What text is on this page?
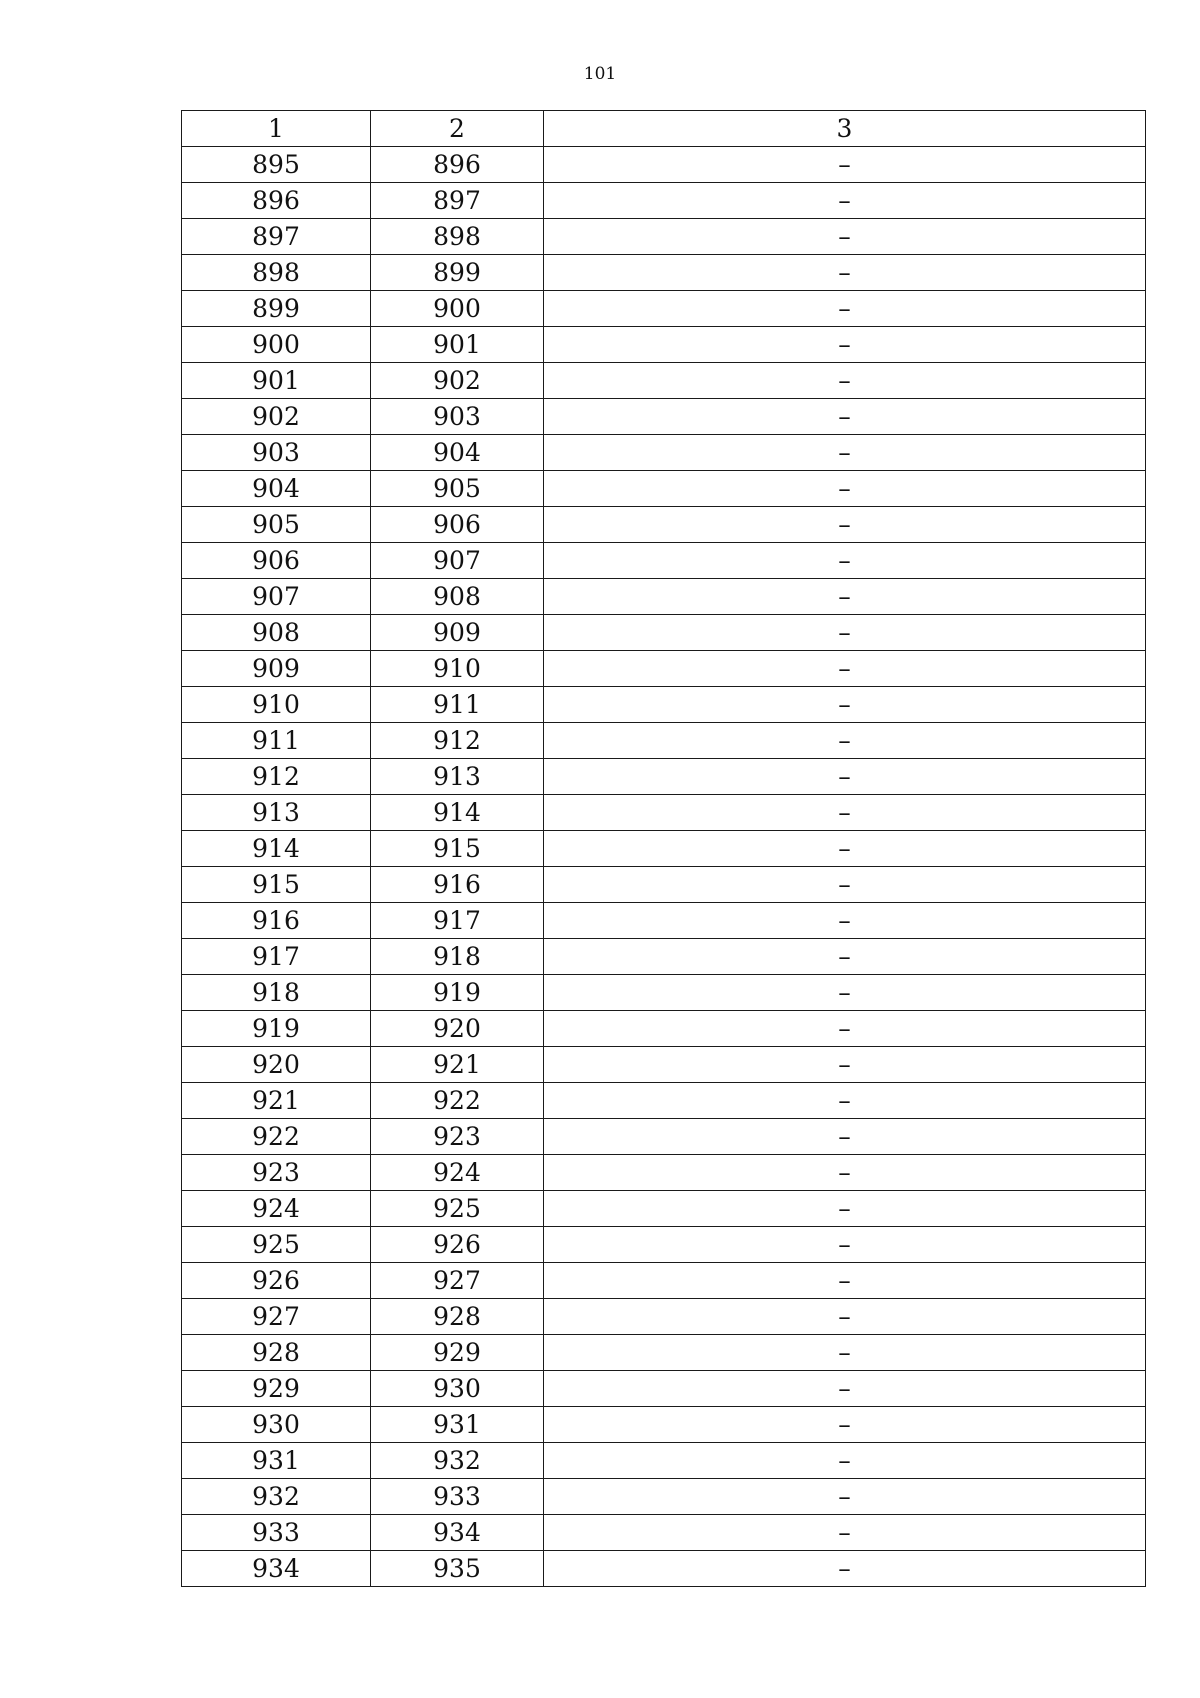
101
1	2	3
895	896	–
896	897	–
897	898	–
898	899	–
899	900	–
900	901	–
901	902	–
902	903	–
903	904	–
904	905	–
905	906	–
906	907	–
907	908	–
908	909	–
909	910	–
910	911	–
911	912	–
912	913	–
913	914	–
914	915	–
915	916	–
916	917	–
917	918	–
918	919	–
919	920	–
920	921	–
921	922	–
922	923	–
923	924	–
924	925	–
925	926	–
926	927	–
927	928	–
928	929	–
929	930	–
930	931	–
931	932	–
932	933	–
933	934	–
934	935	–
